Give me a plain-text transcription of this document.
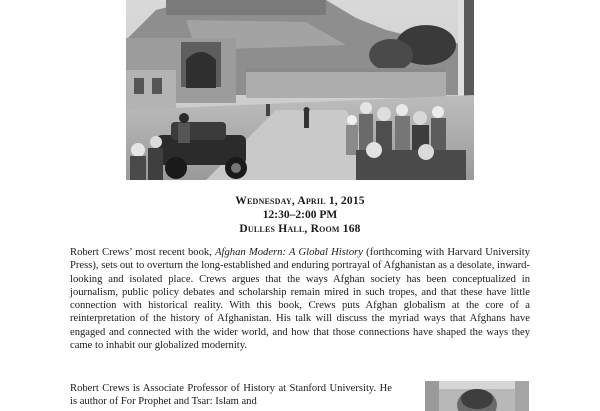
Wednesday, April 1, 2015
12:30–2:00 PM
Dulles Hall, Room 168

Robert Crews’ most recent book, Afghan Modern: A Global History (forthcoming with Harvard University Press), sets out to overturn the long-established and enduring portrayal of Afghanistan as a desolate, inward-looking and isolated place. Crews argues that the ways Afghan society has been conceptualized in journalism, public policy debates and scholarship remain mired in such tropes, and that these have little connection with historical reality. With this book, Crews puts Afghan globalism at the core of a reinterpretation of the history of Afghanistan. His talk will discuss the myriad ways that Afghans have engaged and connected with the wider world, and how that those connections have shaped the ways they came to inhabit our globalized modernity.

Robert Crews is Associate Professor of History at Stanford University. He is author of For Prophet and Tsar: Islam and
